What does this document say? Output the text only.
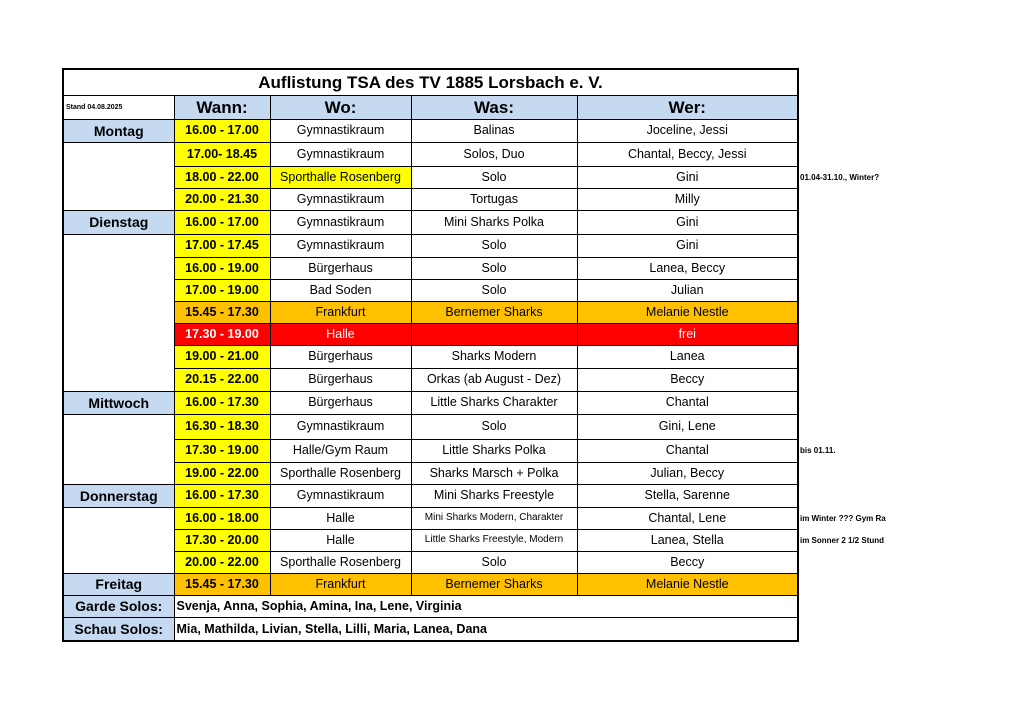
Auflistung TSA des TV 1885 Lorsbach e. V.				
Stand 04.08.2025	Wann:	Wo:	Was:	Wer:
Montag	16.00 - 17.00	Gymnastikraum	Balinas	Joceline, Jessi
	17.00- 18.45	Gymnastikraum	Solos, Duo	Chantal, Beccy, Jessi
	18.00 - 22.00	Sporthalle Rosenberg	Solo	Gini
	20.00 - 21.30	Gymnastikraum	Tortugas	Milly
Dienstag	16.00 - 17.00	Gymnastikraum	Mini Sharks Polka	Gini
	17.00 - 17.45	Gymnastikraum	Solo	Gini
	16.00 - 19.00	Bürgerhaus	Solo	Lanea, Beccy
	17.00 - 19.00	Bad Soden	Solo	Julian
	15.45 - 17.30	Frankfurt	Bernemer Sharks	Melanie Nestle
	17.30 - 19.00	Halle		frei
	19.00 - 21.00	Bürgerhaus	Sharks Modern	Lanea
	20.15 - 22.00	Bürgerhaus	Orkas (ab August - Dez)	Beccy
Mittwoch	16.00 - 17.30	Bürgerhaus	Little Sharks Charakter	Chantal
	16.30 - 18.30	Gymnastikraum	Solo	Gini, Lene
	17.30 - 19.00	Halle/Gym Raum	Little Sharks Polka	Chantal
	19.00 - 22.00	Sporthalle Rosenberg	Sharks Marsch + Polka	Julian, Beccy
Donnerstag	16.00 - 17.30	Gymnastikraum	Mini Sharks Freestyle	Stella, Sarenne
	16.00 - 18.00	Halle	Mini Sharks Modern, Charakter	Chantal, Lene
	17.30 - 20.00	Halle	Little Sharks Freestyle, Modern	Lanea, Stella
	20.00 - 22.00	Sporthalle Rosenberg	Solo	Beccy
Freitag	15.45 - 17.30	Frankfurt	Bernemer Sharks	Melanie Nestle
Garde Solos:	Svenja, Anna, Sophia, Amina, Ina, Lene, Virginia			
Schau Solos:	Mia, Mathilda, Livian, Stella, Lilli, Maria, Lanea, Dana			
01.04-31.10., Winter?
bis 01.11.
im Winter ??? Gym Ra
im Sonner 2 1/2 Stund
